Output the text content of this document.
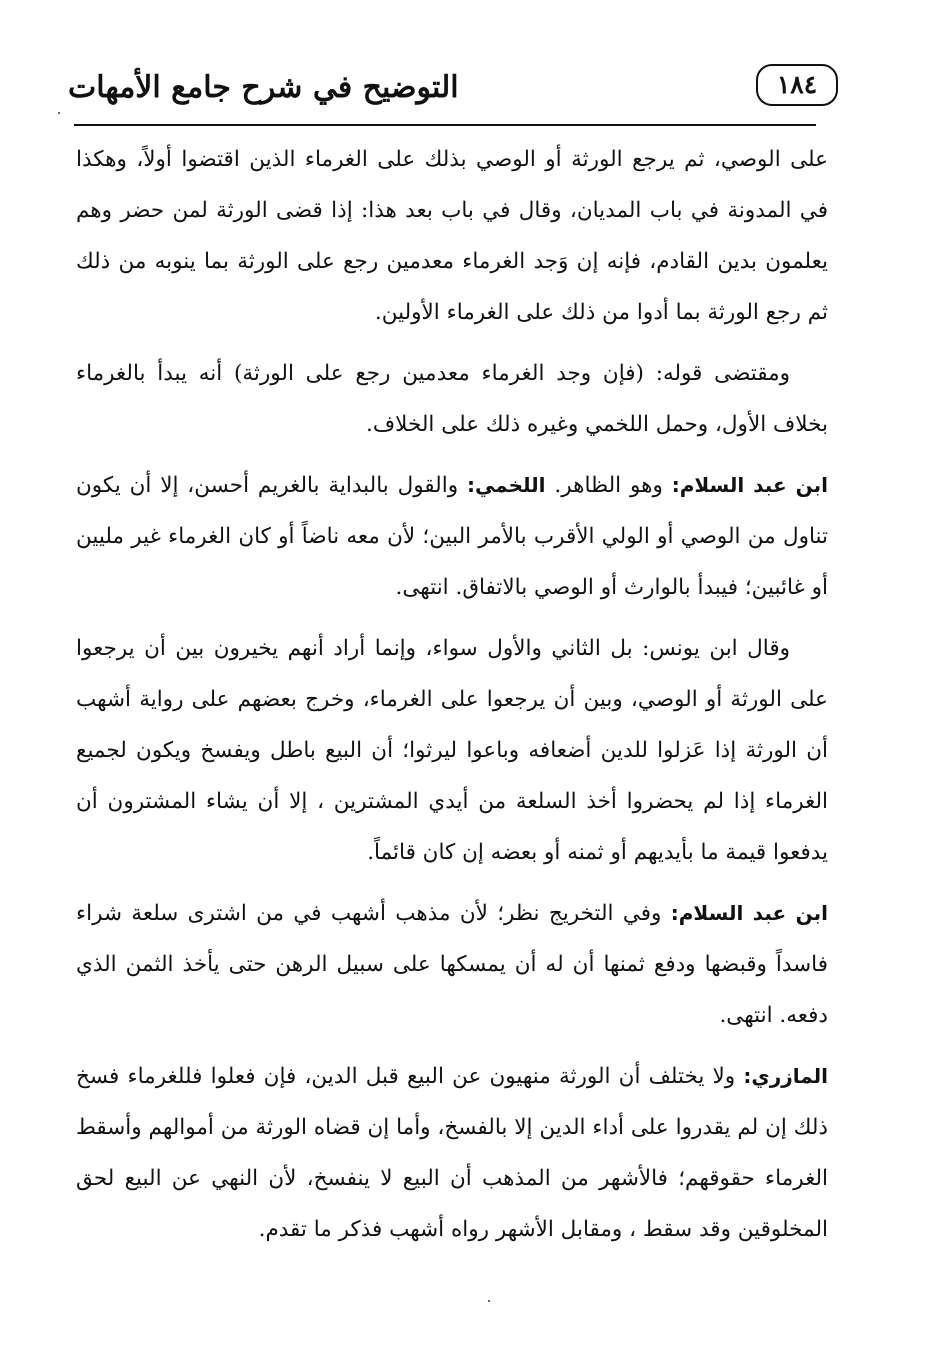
التوضيح في شرح جامع الأمهات	١٨٤

على الوصي، ثم يرجع الورثة أو الوصي بذلك على الغرماء الذين اقتضوا أولاً، وهكذا في المدونة في باب المديان، وقال في باب بعد هذا: إذا قضى الورثة لمن حضر وهم يعلمون بدين القادم، فإنه إن وَجد الغرماء معدمين رجع على الورثة بما ينوبه من ذلك ثم رجع الورثة بما أدوا من ذلك على الغرماء الأولين.

ومقتضى قوله: (فإن وجد الغرماء معدمين رجع على الورثة) أنه يبدأ بالغرماء بخلاف الأول، وحمل اللخمي وغيره ذلك على الخلاف.

ابن عبد السلام: وهو الظاهر. اللخمي: والقول بالبداية بالغريم أحسن، إلا أن يكون تناول من الوصي أو الولي الأقرب بالأمر البين؛ لأن معه ناضاً أو كان الغرماء غير مليين أو غائبين؛ فيبدأ بالوارث أو الوصي بالاتفاق. انتهى.

وقال ابن يونس: بل الثاني والأول سواء، وإنما أراد أنهم يخيرون بين أن يرجعوا على الورثة أو الوصي، وبين أن يرجعوا على الغرماء، وخرج بعضهم على رواية أشهب أن الورثة إذا عَزلوا للدين أضعافه وباعوا ليرثوا؛ أن البيع باطل ويفسخ ويكون لجميع الغرماء إذا لم يحضروا أخذ السلعة من أيدي المشترين ، إلا أن يشاء المشترون أن يدفعوا قيمة ما بأيديهم أو ثمنه أو بعضه إن كان قائماً.

ابن عبد السلام: وفي التخريج نظر؛ لأن مذهب أشهب في من اشترى سلعة شراء فاسداً وقبضها ودفع ثمنها أن له أن يمسكها على سبيل الرهن حتى يأخذ الثمن الذي دفعه. انتهى.

المازري: ولا يختلف أن الورثة منهيون عن البيع قبل الدين، فإن فعلوا فللغرماء فسخ ذلك إن لم يقدروا على أداء الدين إلا بالفسخ، وأما إن قضاه الورثة من أموالهم وأسقط الغرماء حقوقهم؛ فالأشهر من المذهب أن البيع لا ينفسخ، لأن النهي عن البيع لحق المخلوقين وقد سقط ، ومقابل الأشهر رواه أشهب فذكر ما تقدم.
